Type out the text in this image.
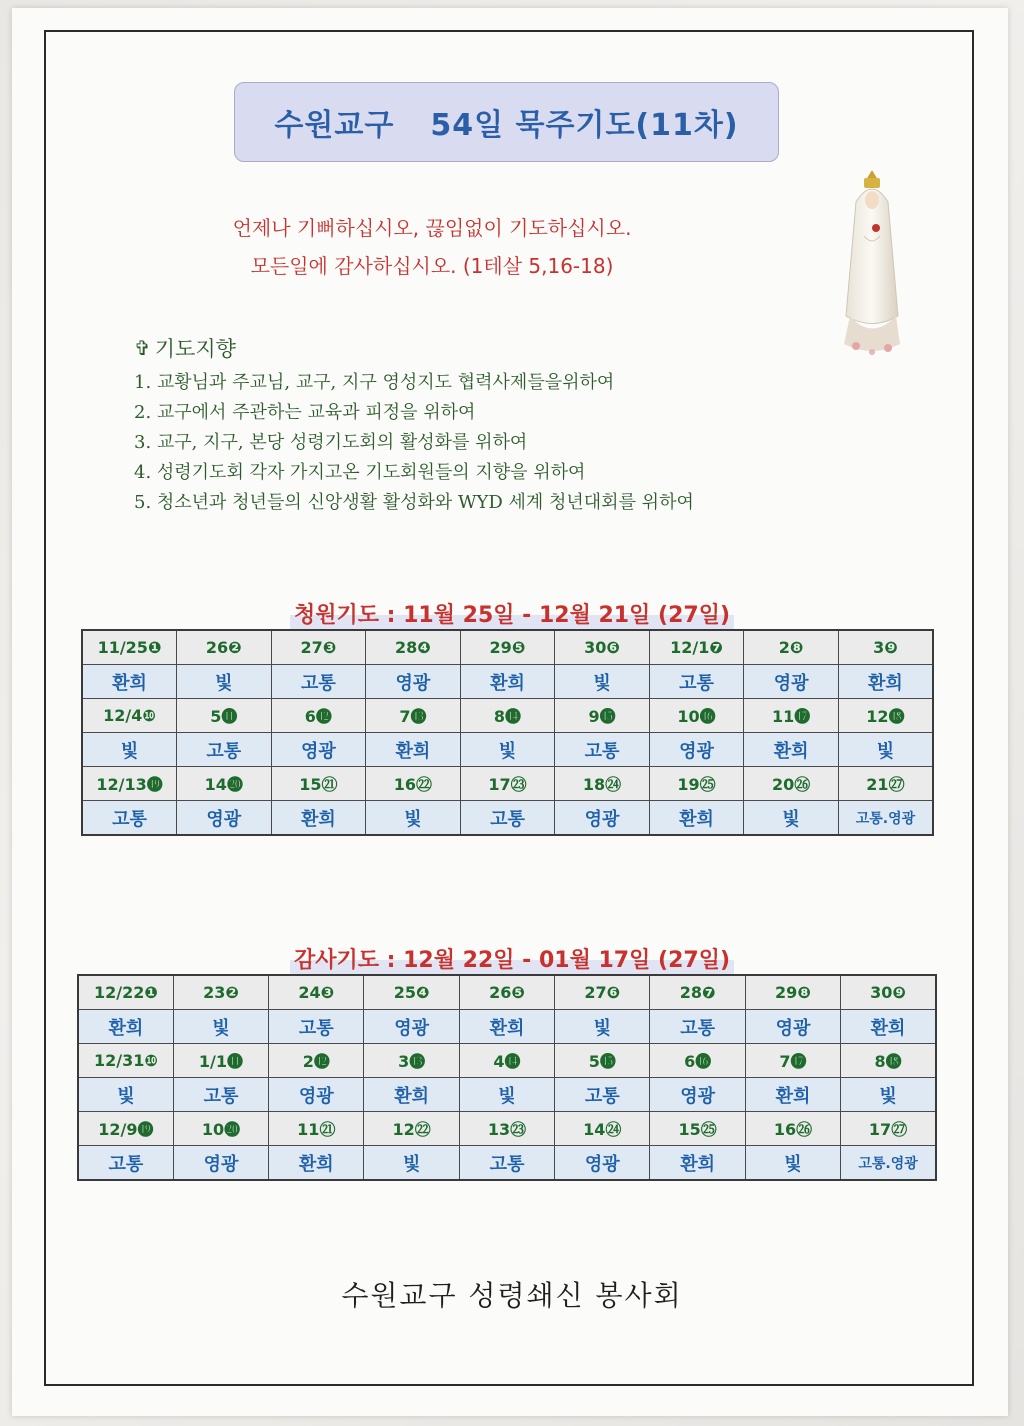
수원교구 54일 묵주기도(11차)
언제나 기뻐하십시오, 끊임없이 기도하십시오.
모든일에 감사하십시오. (1테살 5,16-18)
✞ 기도지향
1. 교황님과 주교님, 교구, 지구 영성지도 협력사제들을위하여
2. 교구에서 주관하는 교육과 피정을 위하여
3. 교구, 지구, 본당 성령기도회의 활성화를 위하여
4. 성령기도회 각자 가지고온 기도회원들의 지향을 위하여
5. 청소년과 청년들의 신앙생활 활성화와 WYD 세계 청년대회를 위하여
청원기도 : 11월 25일 - 12월 21일 (27일)
11/25❶	26❷	27❸	28❹	29❺	30❻	12/1❼	2❽	3❾
환희	빛	고통	영광	환희	빛	고통	영광	환희
12/4❿	5⓫	6⓬	7⓭	8⓮	9⓯	10⓰	11⓱	12⓲
빛	고통	영광	환희	빛	고통	영광	환희	빛
12/13⓳	14⓴	15㉑	16㉒	17㉓	18㉔	19㉕	20㉖	21㉗
고통	영광	환희	빛	고통	영광	환희	빛	고통.영광
감사기도 : 12월 22일 - 01월 17일 (27일)
12/22❶	23❷	24❸	25❹	26❺	27❻	28❼	29❽	30❾
환희	빛	고통	영광	환희	빛	고통	영광	환희
12/31❿	1/1⓫	2⓬	3⓭	4⓮	5⓯	6⓰	7⓱	8⓲
빛	고통	영광	환희	빛	고통	영광	환희	빛
12/9⓳	10⓴	11㉑	12㉒	13㉓	14㉔	15㉕	16㉖	17㉗
고통	영광	환희	빛	고통	영광	환희	빛	고통.영광
수원교구 성령쇄신 봉사회
